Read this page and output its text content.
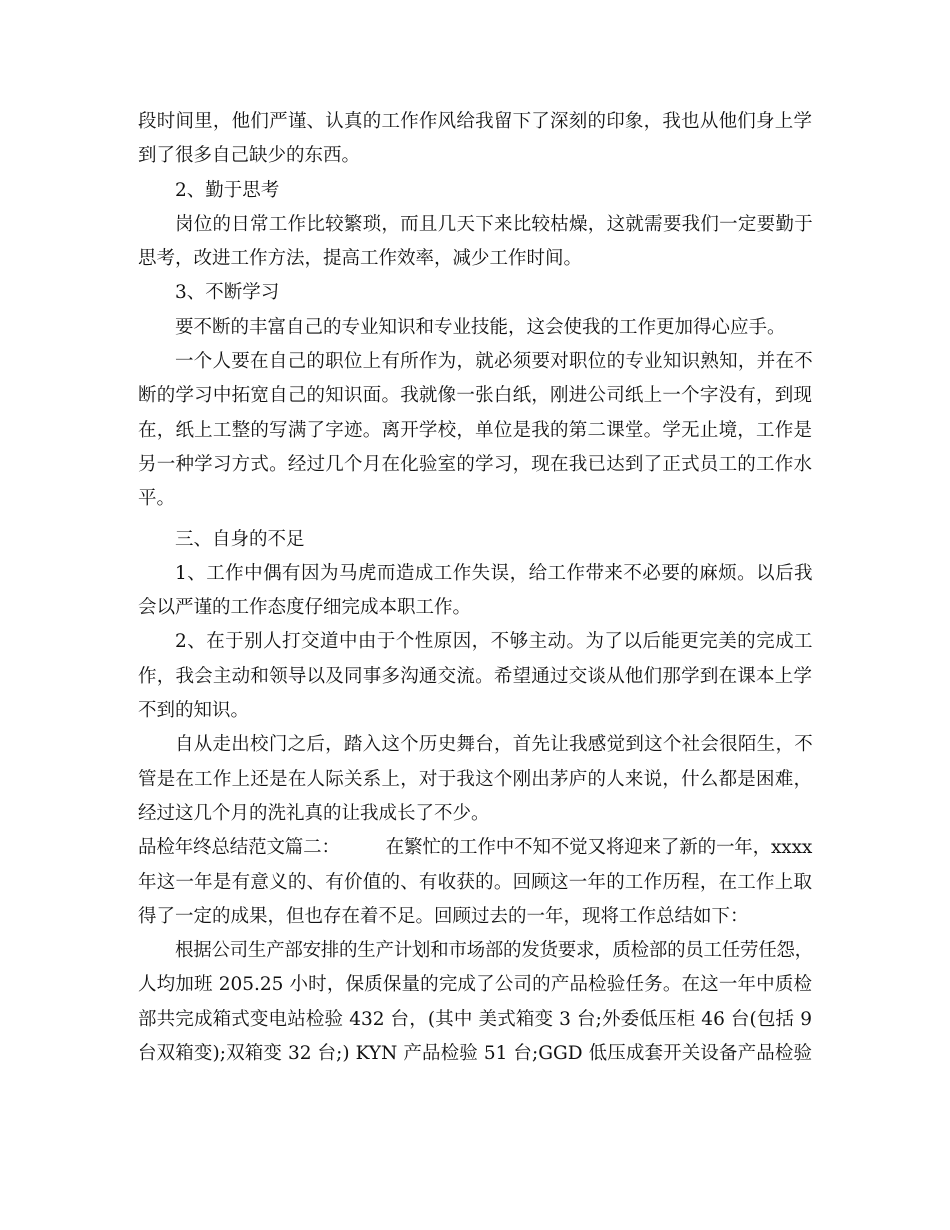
段时间里，他们严谨、认真的工作作风给我留下了深刻的印象，我也从他们身上学
到了很多自己缺少的东西。

2、勤于思考

岗位的日常工作比较繁琐，而且几天下来比较枯燥，这就需要我们一定要勤于
思考，改进工作方法，提高工作效率，减少工作时间。

3、不断学习

要不断的丰富自己的专业知识和专业技能，这会使我的工作更加得心应手。

一个人要在自己的职位上有所作为，就必须要对职位的专业知识熟知，并在不
断的学习中拓宽自己的知识面。我就像一张白纸，刚进公司纸上一个字没有，到现
在，纸上工整的写满了字迹。离开学校，单位是我的第二课堂。学无止境，工作是
另一种学习方式。经过几个月在化验室的学习，现在我已达到了正式员工的工作水
平。

三、自身的不足

1、工作中偶有因为马虎而造成工作失误，给工作带来不必要的麻烦。以后我
会以严谨的工作态度仔细完成本职工作。

2、在于别人打交道中由于个性原因，不够主动。为了以后能更完美的完成工
作，我会主动和领导以及同事多沟通交流。希望通过交谈从他们那学到在课本上学
不到的知识。

自从走出校门之后，踏入这个历史舞台，首先让我感觉到这个社会很陌生，不
管是在工作上还是在人际关系上，对于我这个刚出茅庐的人来说，什么都是困难，
经过这几个月的洗礼真的让我成长了不少。

品检年终总结范文篇二：　　　在繁忙的工作中不知不觉又将迎来了新的一年，xxxx
年这一年是有意义的、有价值的、有收获的。回顾这一年的工作历程，在工作上取
得了一定的成果，但也存在着不足。回顾过去的一年，现将工作总结如下：

根据公司生产部安排的生产计划和市场部的发货要求，质检部的员工任劳任怨，
人均加班 205.25 小时，保质保量的完成了公司的产品检验任务。在这一年中质检
部共完成箱式变电站检验 432 台，(其中 美式箱变 3 台;外委低压柜 46 台(包括 9
台双箱变);双箱变 32 台;) KYN 产品检验 51 台;GGD 低压成套开关设备产品检验
